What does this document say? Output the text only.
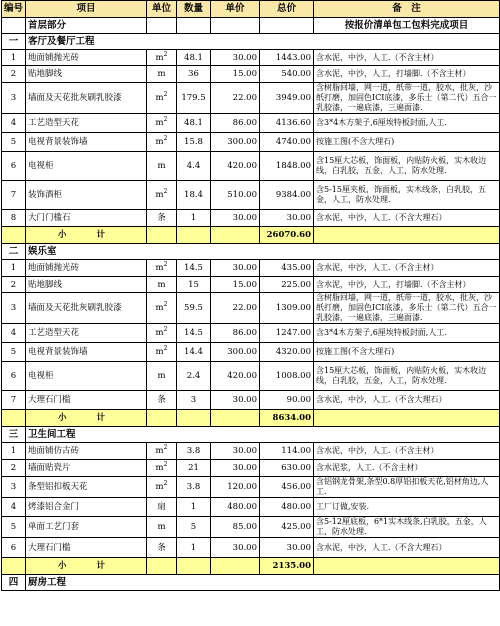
编号	项目	单位	数量	单价	总价	备　注
	首层部分					按报价清单包工包料完成项目
一	客厅及餐厅工程					
1	地面铺抛光砖	$m^2$	48.1	30.00	1443.00	含水泥，中沙，人工.（不含主材）
2	贴地脚线	m	36	15.00	540.00	含水泥，中沙，人工，打墙脚.（不含主材）
3	墙面及天花批灰刷乳胶漆	$m^2$	179.5	22.00	3949.00	含树脂回墙，网一道，纸带一道，胶水，批灰，沙纸打磨，加固色ICI底漆，多乐士（第二代）五合一乳胶漆，一遍底漆，三遍面漆.
4	工艺造型天花	$m^2$	48.1	86.00	4136.60	含3*4木方架子,6厘埃特板封面,人工.
5	电视背景装饰墙	$m^2$	15.8	300.00	4740.00	按施工图(不含大理石)
6	电视柜	m	4.4	420.00	1848.00	含15厘大芯板，饰面板，内贴防火板，实木收边线，白乳胶，五金，人工，防水处理.
7	装饰酒柜	$m^2$	18.4	510.00	9384.00	含5-15厘夹板，饰面板，实木线条，白乳胶，五金，人工，防水处理.
8	大门门槛石	条	1	30.00	30.00	含水泥，中沙，人工.（不含大理石）
	小 计				26070.60	
二	娱乐室					
1	地面铺抛光砖	$m^2$	14.5	30.00	435.00	含水泥，中沙，人工.（不含主材）
2	贴地脚线	m	15	15.00	225.00	含水泥，中沙，人工，打墙脚.（不含主材）
3	墙面及天花批灰刷乳胶漆	$m^2$	59.5	22.00	1309.00	含树脂回墙，网一道，纸带一道，胶水，批灰，沙纸打磨，加固色ICI底漆，多乐士（第二代）五合一乳胶漆，一遍底漆，三遍面漆.
4	工艺造型天花	$m^2$	14.5	86.00	1247.00	含3*4木方架子,6厘埃特板封面,人工.
5	电视背景装饰墙	$m^2$	14.4	300.00	4320.00	按施工图(不含大理石)
6	电视柜	m	2.4	420.00	1008.00	含15厘大芯板，饰面板，内贴防火板，实木收边线，白乳胶，五金，人工，防水处理.
7	大理石门槛	条	3	30.00	90.00	含水泥，中沙，人工.（不含大理石）
	小 计				8634.00	
三	卫生间工程					
1	地面铺仿古砖	$m^2$	3.8	30.00	114.00	含水泥，中沙，人工.（不含主材）
2	墙面贴瓷片	$m^2$	21	30.00	630.00	含水泥浆，人工.（不含主材）
3	条型铝扣板天花	$m^2$	3.8	120.00	456.00	含铝钢龙骨架,条型0.8厚铝扣板天花,铝材角边,人工.
4	烤漆铝合金门	扇	1	480.00	480.00	工厂订做,安装.
5	单面工艺门套	m	5	85.00	425.00	含5-12厘底板，6*1实木线条,白乳胶，五金，人工，防水处理.
6	大理石门槛	条	1	30.00	30.00	含水泥，中沙，人工.（不含大理石）
	小 计				2135.00	
四	厨房工程					
